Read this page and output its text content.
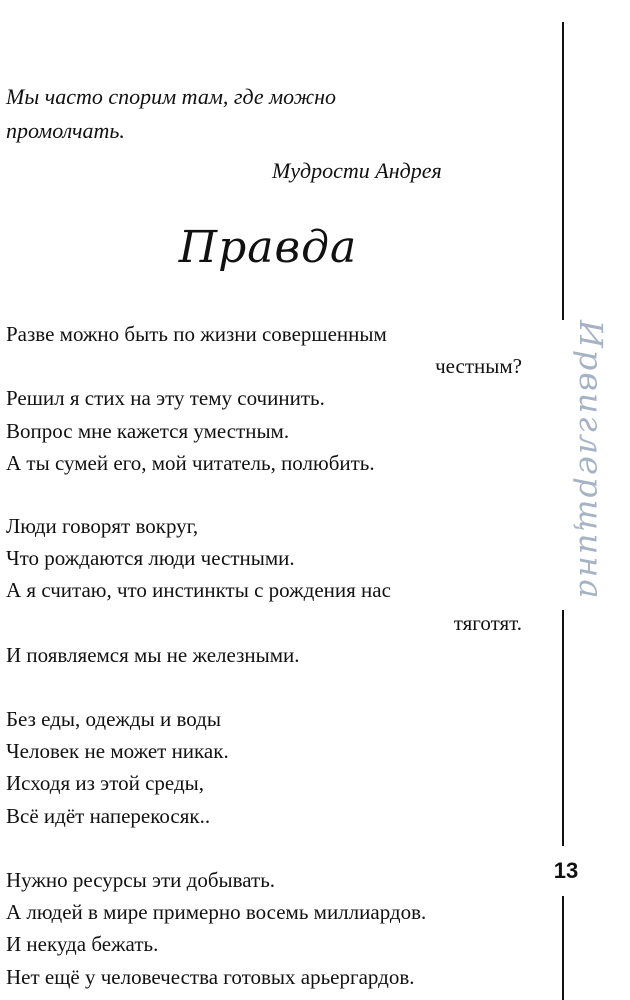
Мы часто спорим там, где можно
промолчать.
Мудрости Андрея
Правда
Разве можно быть по жизни совершенным
честным?
Решил я стих на эту тему сочинить.
Вопрос мне кажется уместным.
А ты сумей его, мой читатель, полюбить.
Люди говорят вокруг,
Что рождаются люди честными.
А я считаю, что инстинкты с рождения нас
тяготят.
И появляемся мы не железными.
Без еды, одежды и воды
Человек не может никак.
Исходя из этой среды,
Всё идёт наперекосяк..
Нужно ресурсы эти добывать.
А людей в мире примерно восемь миллиардов.
И некуда бежать.
Нет ещё у человечества готовых арьергардов.
Ирвиглерщина
13
